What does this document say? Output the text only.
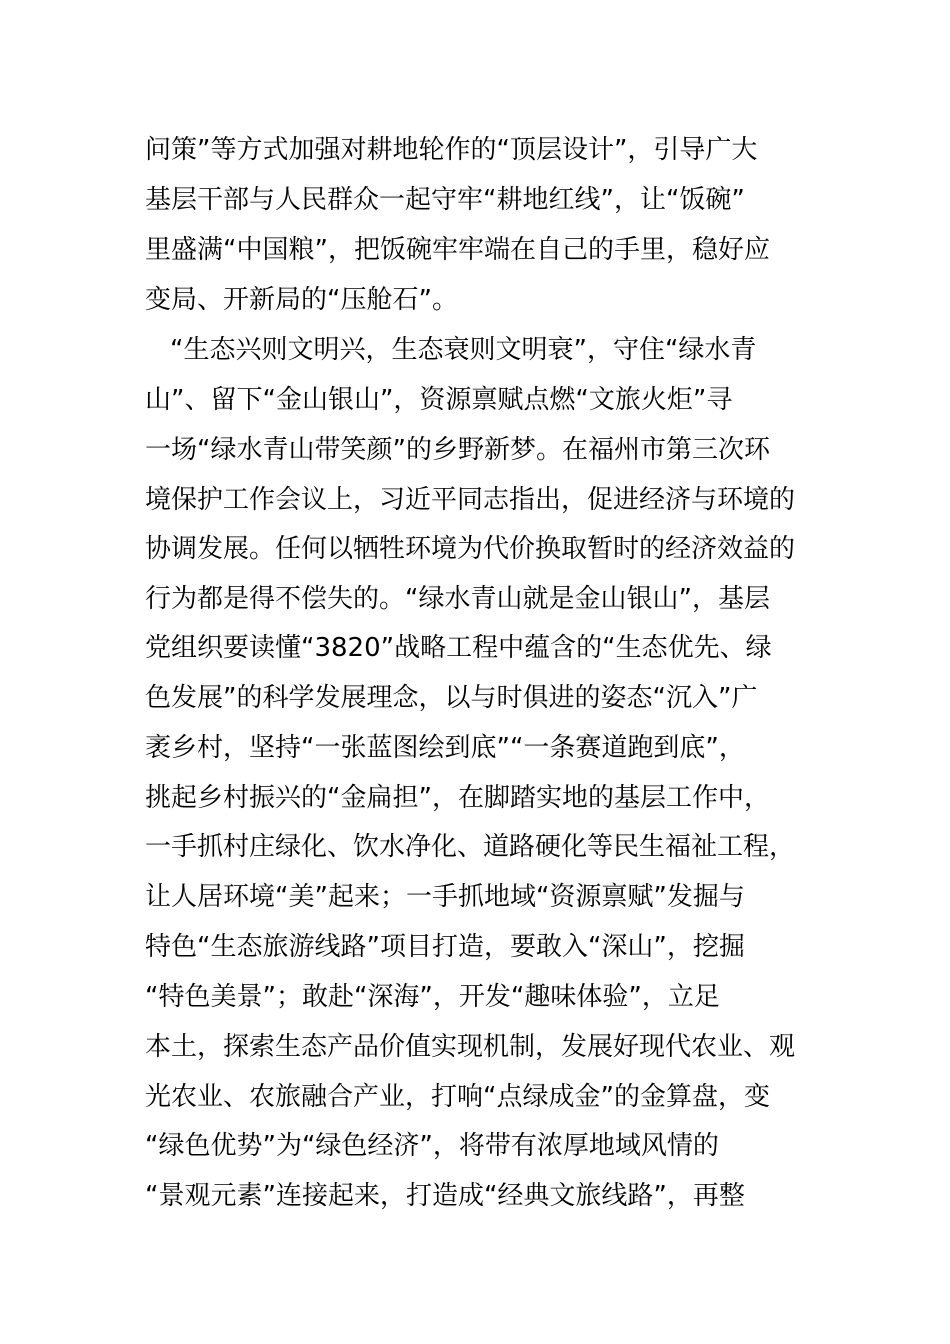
问策”等方式加强对耕地轮作的“顶层设计”，引导广大
基层干部与人民群众一起守牢“耕地红线”，让“饭碗”
里盛满“中国粮”，把饭碗牢牢端在自己的手里，稳好应
变局、开新局的“压舱石”。
“生态兴则文明兴，生态衰则文明衰”，守住“绿水青
山”、留下“金山银山”，资源禀赋点燃“文旅火炬”寻
一场“绿水青山带笑颜”的乡野新梦。在福州市第三次环
境保护工作会议上，习近平同志指出，促进经济与环境的
协调发展。任何以牺牲环境为代价换取暂时的经济效益的
行为都是得不偿失的。“绿水青山就是金山银山”，基层
党组织要读懂“3820”战略工程中蕴含的“生态优先、绿
色发展”的科学发展理念，以与时俱进的姿态“沉入”广
袤乡村，坚持“一张蓝图绘到底”“一条赛道跑到底”，
挑起乡村振兴的“金扁担”，在脚踏实地的基层工作中，
一手抓村庄绿化、饮水净化、道路硬化等民生福祉工程，
让人居环境“美”起来；一手抓地域“资源禀赋”发掘与
特色“生态旅游线路”项目打造，要敢入“深山”，挖掘
“特色美景”；敢赴“深海”，开发“趣味体验”，立足
本土，探索生态产品价值实现机制，发展好现代农业、观
光农业、农旅融合产业，打响“点绿成金”的金算盘，变
“绿色优势”为“绿色经济”，将带有浓厚地域风情的
“景观元素”连接起来，打造成“经典文旅线路”，再整
